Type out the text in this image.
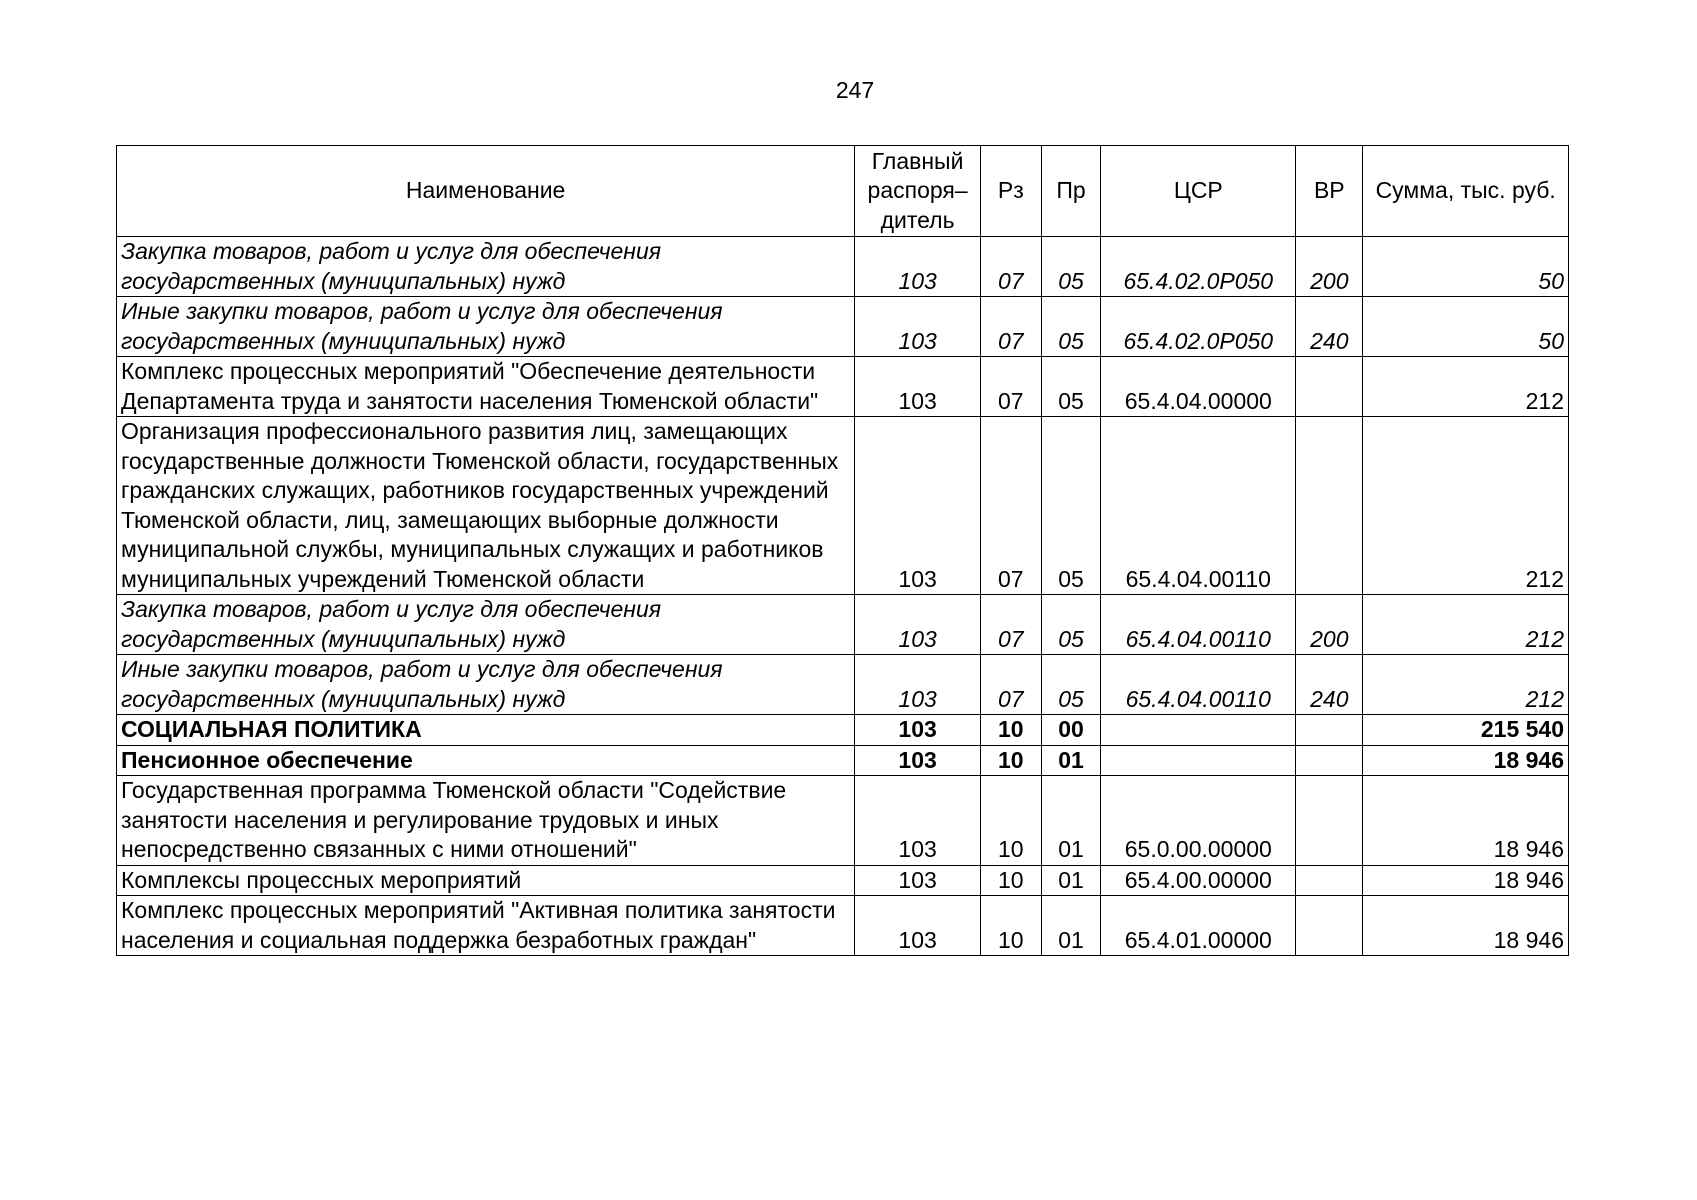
247
Наименование	Главный распоря– дитель	Рз	Пр	ЦСР	ВР	Сумма, тыс. руб.
Закупка товаров, работ и услуг для обеспечения государственных (муниципальных) нужд	103	07	05	65.4.02.0Р050	200	50
Иные закупки товаров, работ и услуг для обеспечения государственных (муниципальных) нужд	103	07	05	65.4.02.0Р050	240	50
Комплекс процессных мероприятий "Обеспечение деятельности Департамента труда и занятости населения Тюменской области"	103	07	05	65.4.04.00000		212
Организация профессионального развития лиц, замещающих государственные должности Тюменской области, государственных гражданских служащих, работников государственных учреждений Тюменской области, лиц, замещающих выборные должности муниципальной службы, муниципальных служащих и работников муниципальных учреждений Тюменской области	103	07	05	65.4.04.00110		212
Закупка товаров, работ и услуг для обеспечения государственных (муниципальных) нужд	103	07	05	65.4.04.00110	200	212
Иные закупки товаров, работ и услуг для обеспечения государственных (муниципальных) нужд	103	07	05	65.4.04.00110	240	212
СОЦИАЛЬНАЯ ПОЛИТИКА	103	10	00			215 540
Пенсионное обеспечение	103	10	01			18 946
Государственная программа Тюменской области "Содействие занятости населения и регулирование трудовых и иных непосредственно связанных с ними отношений"	103	10	01	65.0.00.00000		18 946
Комплексы процессных мероприятий	103	10	01	65.4.00.00000		18 946
Комплекс процессных мероприятий "Активная политика занятости населения и социальная поддержка безработных граждан"	103	10	01	65.4.01.00000		18 946
